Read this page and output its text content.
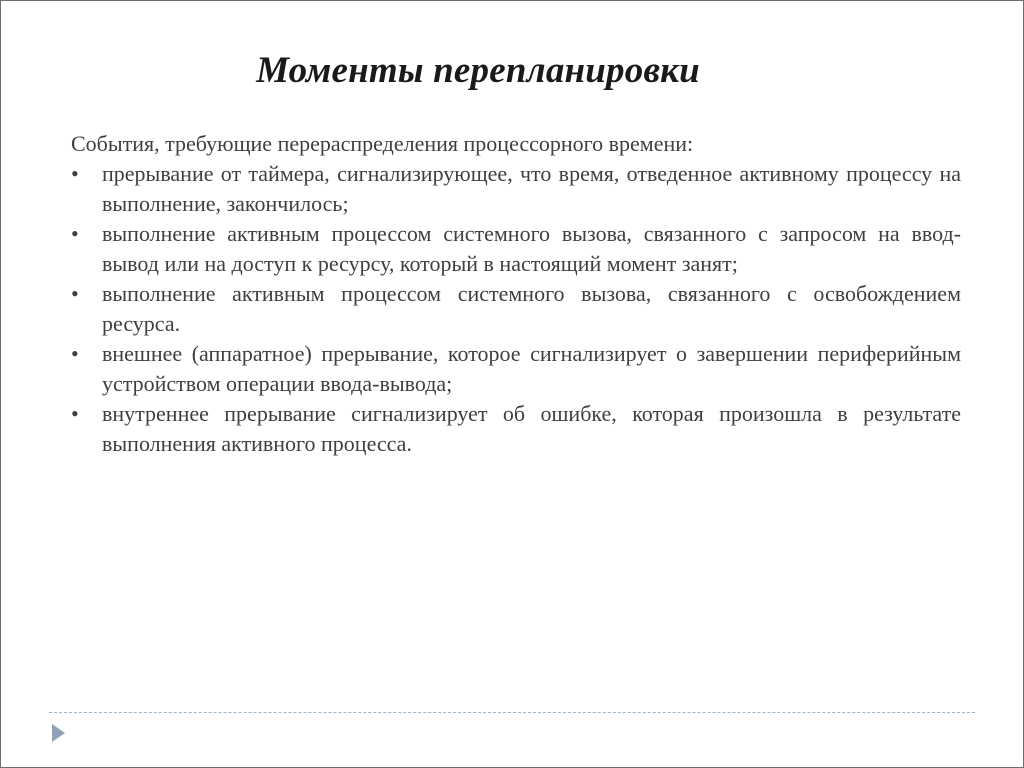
Моменты перепланировки

События, требующие перераспределения процессорного времени:

•	прерывание от таймера, сигнализирующее, что время, отведенное активному процессу на выполнение, закончилось;
•	выполнение активным процессом системного вызова, связанного с запросом на ввод-вывод или на доступ к ресурсу, который в настоящий момент занят;
•	выполнение активным процессом системного вызова, связанного с освобождением ресурса.
•	внешнее (аппаратное) прерывание, которое сигнализирует о завершении периферийным устройством операции ввода-вывода;
•	внутреннее прерывание сигнализирует об ошибке, которая произошла в результате выполнения активного процесса.
